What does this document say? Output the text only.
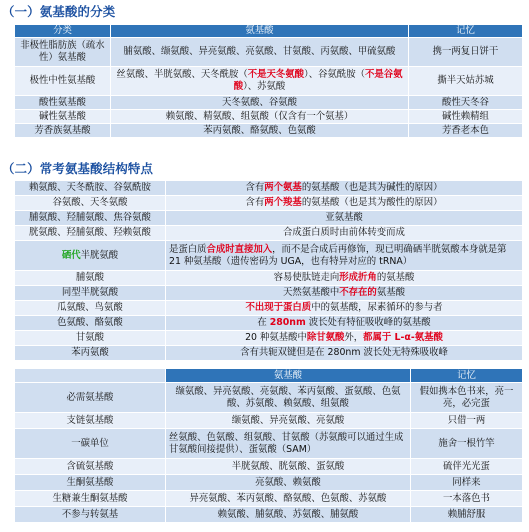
（一）氨基酸的分类
分类	氨基酸	记忆
非极性脂肪族（疏水性）氨基酸	脯氨酸、缬氨酸、异亮氨酸、亮氨酸、甘氨酸、丙氨酸、甲硫氨酸	携一两复日饼干
极性中性氨基酸	丝氨酸、半胱氨酸、天冬酰胺（不是天冬氨酸）、谷氨酰胺（不是谷氨酸）、苏氨酸	撕半天姑苏城
酸性氨基酸	天冬氨酸、谷氨酸	酸性天冬谷
碱性氨基酸	赖氨酸、精氨酸、组氨酸（仅含有一个氨基）	碱性赖精组
芳香族氨基酸	苯丙氨酸、酪氨酸、色氨酸	芳香老本色
（二）常考氨基酸结构特点
赖氨酸、天冬酰胺、谷氨酰胺	含有两个氨基的氨基酸（也是其为碱性的原因）
谷氨酸、天冬氨酸	含有两个羧基的氨基酸（也是其为酸性的原因）
脯氨酸、羟脯氨酸、焦谷氨酸	亚氨基酸
胱氨酸、羟脯氨酸、羟赖氨酸	合成蛋白质时由前体转变而成
硒代半胱氨酸	是蛋白质合成时直接加入，而不是合成后再修饰，现已明确硒半胱氨酸本身就是第 21 种氨基酸（遗传密码为 UGA，也有特异对应的 tRNA）
脯氨酸	容易使肽链走向形成折角的氨基酸
同型半胱氨酸	天然氨基酸中不存在的氨基酸
瓜氨酸、鸟氨酸	不出现于蛋白质中的氨基酸，尿素循环的参与者
色氨酸、酪氨酸	在 280nm 波长处有特征吸收峰的氨基酸
甘氨酸	20 种氨基酸中除甘氨酸外，都属于 L-α-氨基酸
苯丙氨酸	含有共轭双键但是在 280nm 波长处无特殊吸收峰
	氨基酸	记忆
必需氨基酸	缬氨酸、异亮氨酸、亮氨酸、苯丙氨酸、蛋氨酸、色氨酸、苏氨酸、赖氨酸、组氨酸	假如携本色书来，亮一亮，必完蛋
支链氨基酸	缬氨酸、异亮氨酸、亮氨酸	只借一两
一碳单位	丝氨酸、色氨酸、组氨酸、甘氨酸（苏氨酸可以通过生成甘氨酸间接提供）、蛋氨酸（SAM）	施舍一根竹竿
含硫氨基酸	半胱氨酸、胱氨酸、蛋氨酸	硫伴光光蛋
生酮氨基酸	亮氨酸、赖氨酸	同样来
生糖兼生酮氨基酸	异亮氨酸、苯丙氨酸、酪氨酸、色氨酸、苏氨酸	一本落色书
不参与转氨基	赖氨酸、脯氨酸、苏氨酸、脯氨酸	赖脯舒服
